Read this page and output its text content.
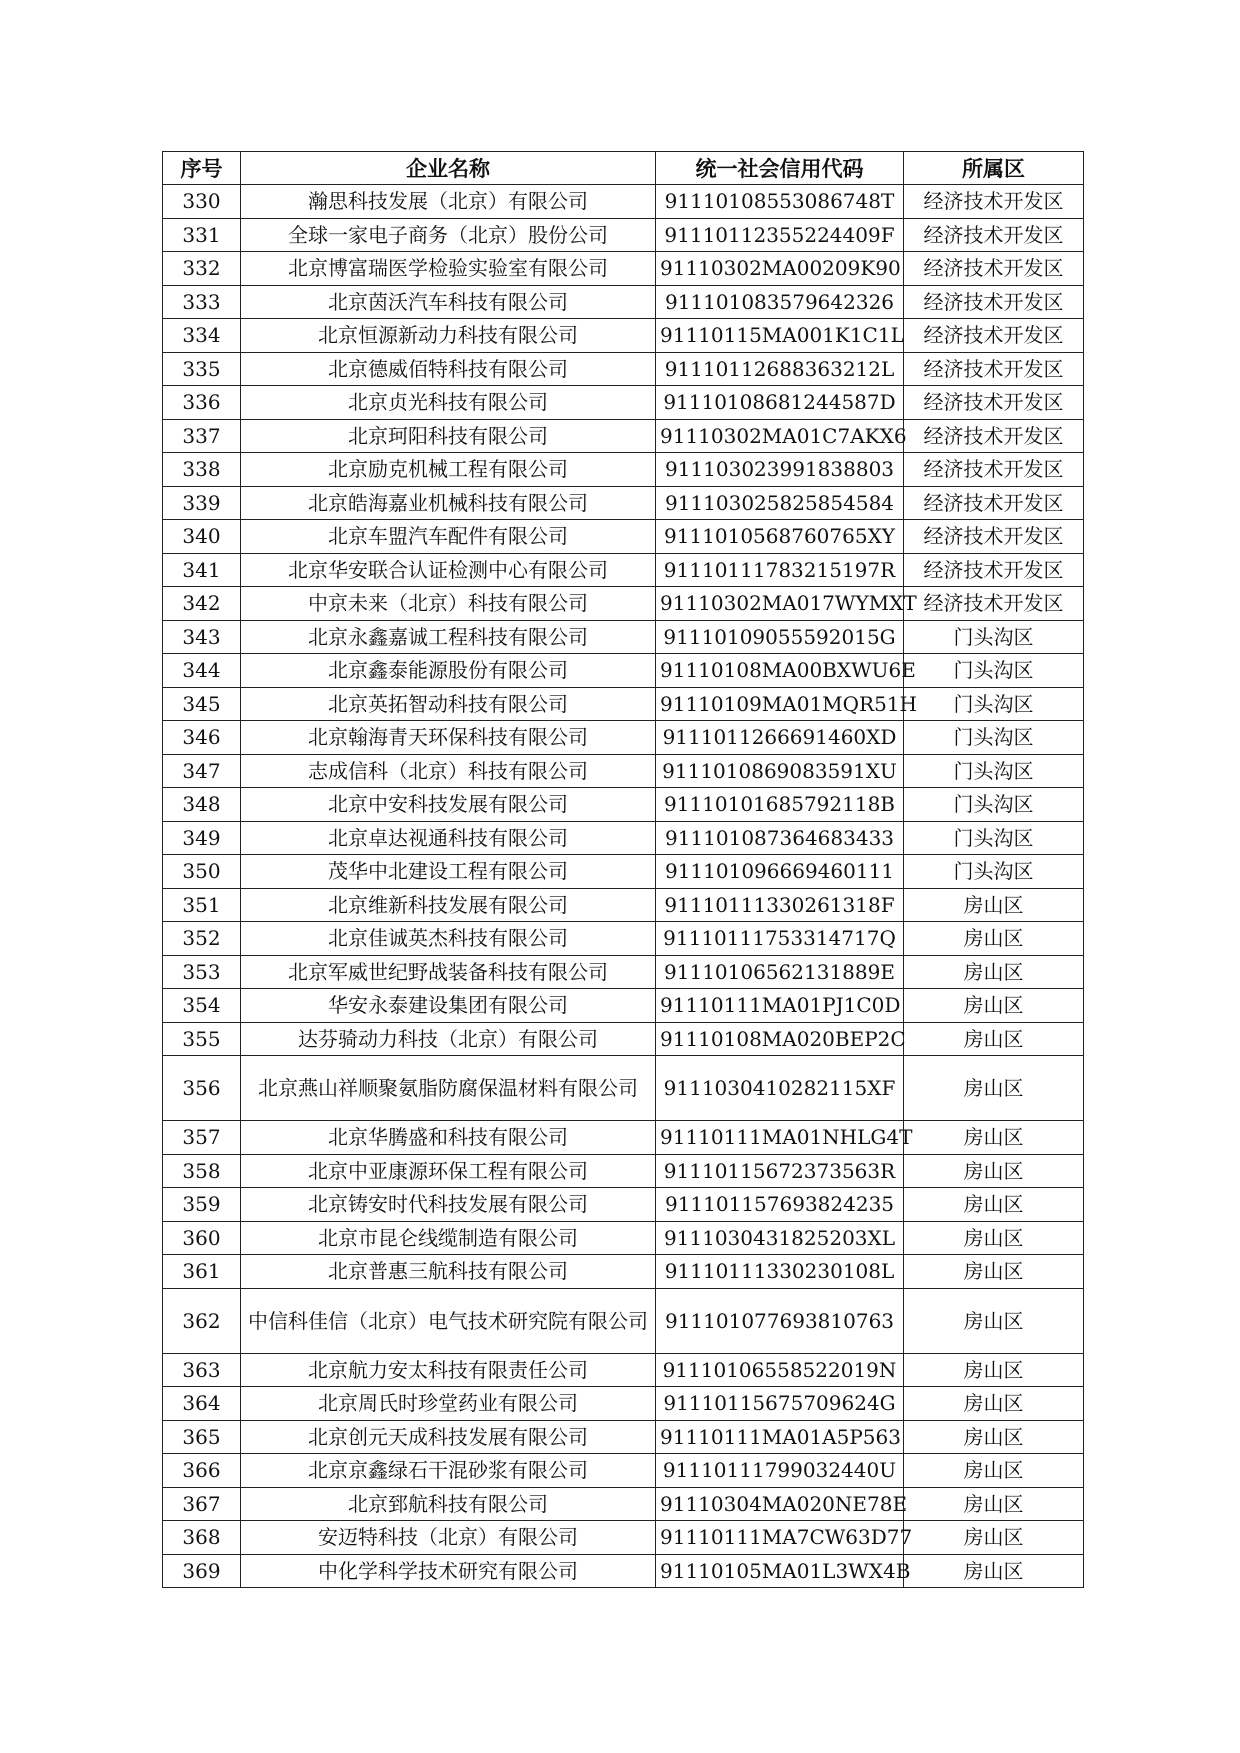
序号	企业名称	统一社会信用代码	所属区
330	瀚思科技发展（北京）有限公司	91110108553086748T	经济技术开发区
331	全球一家电子商务（北京）股份公司	91110112355224409F	经济技术开发区
332	北京博富瑞医学检验实验室有限公司	91110302MA00209K90	经济技术开发区
333	北京茵沃汽车科技有限公司	911101083579642326	经济技术开发区
334	北京恒源新动力科技有限公司	91110115MA001K1C1L	经济技术开发区
335	北京德威佰特科技有限公司	91110112688363212L	经济技术开发区
336	北京贞光科技有限公司	91110108681244587D	经济技术开发区
337	北京珂阳科技有限公司	91110302MA01C7AKX6	经济技术开发区
338	北京励克机械工程有限公司	911103023991838803	经济技术开发区
339	北京皓海嘉业机械科技有限公司	911103025825854584	经济技术开发区
340	北京车盟汽车配件有限公司	9111010568760765XY	经济技术开发区
341	北京华安联合认证检测中心有限公司	91110111783215197R	经济技术开发区
342	中京未来（北京）科技有限公司	91110302MA017WYMXT	经济技术开发区
343	北京永鑫嘉诚工程科技有限公司	91110109055592015G	门头沟区
344	北京鑫泰能源股份有限公司	91110108MA00BXWU6E	门头沟区
345	北京英拓智动科技有限公司	91110109MA01MQR51H	门头沟区
346	北京翰海青天环保科技有限公司	9111011266691460XD	门头沟区
347	志成信科（北京）科技有限公司	9111010869083591XU	门头沟区
348	北京中安科技发展有限公司	91110101685792118B	门头沟区
349	北京卓达视通科技有限公司	911101087364683433	门头沟区
350	茂华中北建设工程有限公司	911101096669460111	门头沟区
351	北京维新科技发展有限公司	91110111330261318F	房山区
352	北京佳诚英杰科技有限公司	91110111753314717Q	房山区
353	北京军威世纪野战装备科技有限公司	91110106562131889E	房山区
354	华安永泰建设集团有限公司	91110111MA01PJ1C0D	房山区
355	达芬骑动力科技（北京）有限公司	91110108MA020BEP2C	房山区
356	北京燕山祥顺聚氨脂防腐保温材料有限公司	9111030410282115XF	房山区
357	北京华腾盛和科技有限公司	91110111MA01NHLG4T	房山区
358	北京中亚康源环保工程有限公司	91110115672373563R	房山区
359	北京铸安时代科技发展有限公司	911101157693824235	房山区
360	北京市昆仑线缆制造有限公司	9111030431825203XL	房山区
361	北京普惠三航科技有限公司	91110111330230108L	房山区
362	中信科佳信（北京）电气技术研究院有限公司	911101077693810763	房山区
363	北京航力安太科技有限责任公司	91110106558522019N	房山区
364	北京周氏时珍堂药业有限公司	91110115675709624G	房山区
365	北京创元天成科技发展有限公司	91110111MA01A5P563	房山区
366	北京京鑫绿石干混砂浆有限公司	91110111799032440U	房山区
367	北京郅航科技有限公司	91110304MA020NE78E	房山区
368	安迈特科技（北京）有限公司	91110111MA7CW63D77	房山区
369	中化学科学技术研究有限公司	91110105MA01L3WX4B	房山区
